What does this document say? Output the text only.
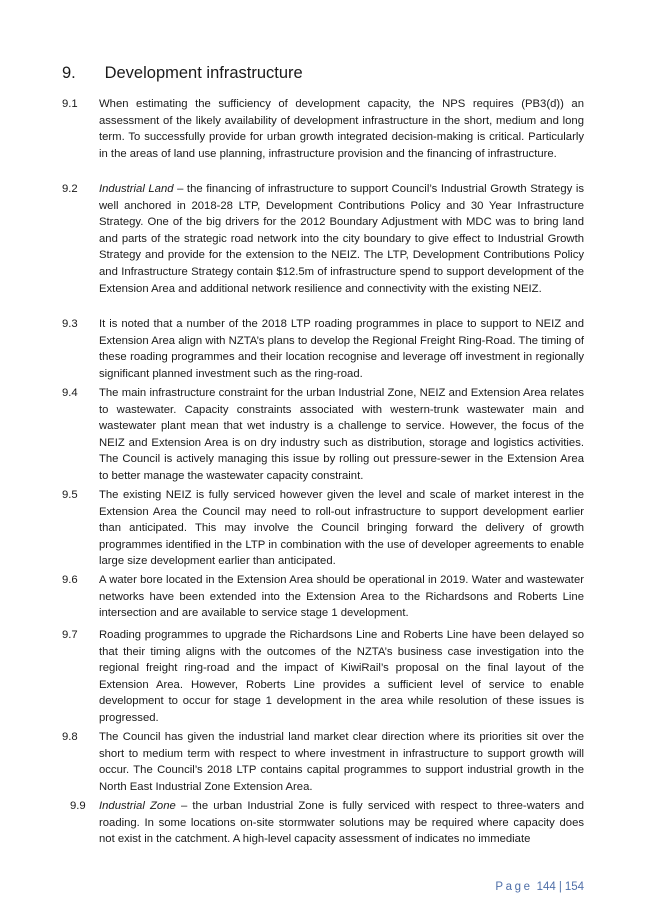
9. Development infrastructure
9.1	When estimating the sufficiency of development capacity, the NPS requires (PB3(d)) an assessment of the likely availability of development infrastructure in the short, medium and long term. To successfully provide for urban growth integrated decision-making is critical. Particularly in the areas of land use planning, infrastructure provision and the financing of infrastructure.
9.2	Industrial Land – the financing of infrastructure to support Council’s Industrial Growth Strategy is well anchored in 2018-28 LTP, Development Contributions Policy and 30 Year Infrastructure Strategy. One of the big drivers for the 2012 Boundary Adjustment with MDC was to bring land and parts of the strategic road network into the city boundary to give effect to Industrial Growth Strategy and provide for the extension to the NEIZ. The LTP, Development Contributions Policy and Infrastructure Strategy contain $12.5m of infrastructure spend to support development of the Extension Area and additional network resilience and connectivity with the existing NEIZ.
9.3	It is noted that a number of the 2018 LTP roading programmes in place to support to NEIZ and Extension Area align with NZTA’s plans to develop the Regional Freight Ring-Road. The timing of these roading programmes and their location recognise and leverage off investment in regionally significant planned investment such as the ring-road.
9.4	The main infrastructure constraint for the urban Industrial Zone, NEIZ and Extension Area relates to wastewater. Capacity constraints associated with western-trunk wastewater main and wastewater plant mean that wet industry is a challenge to service. However, the focus of the NEIZ and Extension Area is on dry industry such as distribution, storage and logistics activities. The Council is actively managing this issue by rolling out pressure-sewer in the Extension Area to better manage the wastewater capacity constraint.
9.5	The existing NEIZ is fully serviced however given the level and scale of market interest in the Extension Area the Council may need to roll-out infrastructure to support development earlier than anticipated. This may involve the Council bringing forward the delivery of growth programmes identified in the LTP in combination with the use of developer agreements to enable large size development earlier than anticipated.
9.6	A water bore located in the Extension Area should be operational in 2019. Water and wastewater networks have been extended into the Extension Area to the Richardsons and Roberts Line intersection and are available to service stage 1 development.
9.7	Roading programmes to upgrade the Richardsons Line and Roberts Line have been delayed so that their timing aligns with the outcomes of the NZTA’s business case investigation into the regional freight ring-road and the impact of KiwiRail’s proposal on the final layout of the Extension Area. However, Roberts Line provides a sufficient level of service to enable development to occur for stage 1 development in the area while resolution of these issues is progressed.
9.8	The Council has given the industrial land market clear direction where its priorities sit over the short to medium term with respect to where investment in infrastructure to support growth will occur. The Council’s 2018 LTP contains capital programmes to support industrial growth in the North East Industrial Zone Extension Area.
9.9	Industrial Zone – the urban Industrial Zone is fully serviced with respect to three-waters and roading. In some locations on-site stormwater solutions may be required where capacity does not exist in the catchment. A high-level capacity assessment of indicates no immediate
Page 144 | 154
